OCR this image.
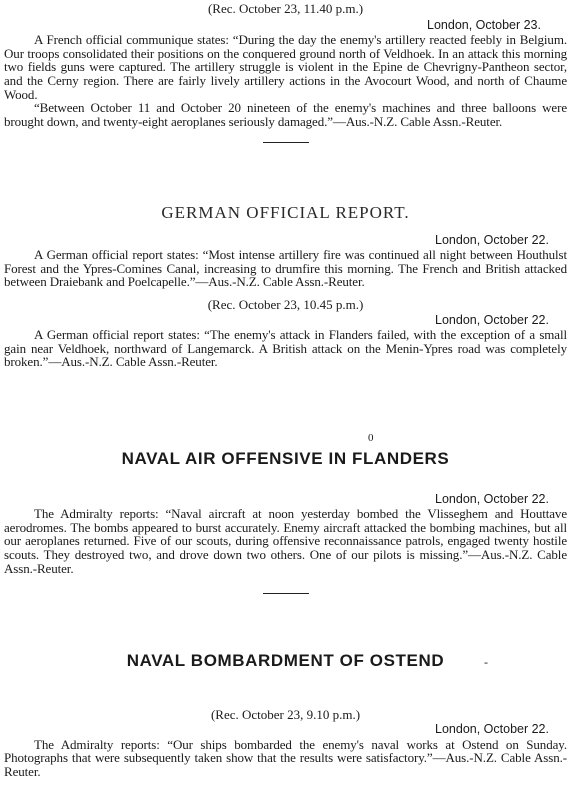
(Rec. October 23, 11.40 p.m.)
London, October 23.

A French official communique states: “During the day the enemy's artillery reacted feebly in Belgium. Our troops consolidated their positions on the conquered ground north of Veldhoek. In an attack this morning two fields guns were captured. The artillery struggle is violent in the Epine de Chevrigny-Pantheon sector, and the Cerny region. There are fairly lively artillery actions in the Avocourt Wood, and north of Chaume Wood.

“Between October 11 and October 20 nineteen of the enemy's machines and three balloons were brought down, and twenty-eight aeroplanes seriously damaged.”—Aus.-N.Z. Cable Assn.-Reuter.

GERMAN OFFICIAL REPORT.
London, October 22.

A German official report states: “Most intense artillery fire was continued all night between Houthulst Forest and the Ypres-Comines Canal, increasing to drumfire this morning. The French and British attacked between Draiebank and Poelcapelle.”—Aus.-N.Z. Cable Assn.-Reuter.

(Rec. October 23, 10.45 p.m.)
London, October 22.

A German official report states: “The enemy's attack in Flanders failed, with the exception of a small gain near Veldhoek, northward of Langemarck. A British attack on the Menin-Ypres road was completely broken.”—Aus.-N.Z. Cable Assn.-Reuter.

0
NAVAL AIR OFFENSIVE IN FLANDERS
London, October 22.

The Admiralty reports: “Naval aircraft at noon yesterday bombed the Vlisseghem and Houttave aerodromes. The bombs appeared to burst accurately. Enemy aircraft attacked the bombing machines, but all our aeroplanes returned. Five of our scouts, during offensive reconnaissance patrols, engaged twenty hostile scouts. They destroyed two, and drove down two others. One of our pilots is missing.”—Aus.-N.Z. Cable Assn.-Reuter.

NAVAL BOMBARDMENT OF OSTEND
(Rec. October 23, 9.10 p.m.)
London, October 22.

The Admiralty reports: “Our ships bombarded the enemy's naval works at Ostend on Sunday. Photographs that were subsequently taken show that the results were satisfactory.”—Aus.-N.Z. Cable Assn.-Reuter.

-
